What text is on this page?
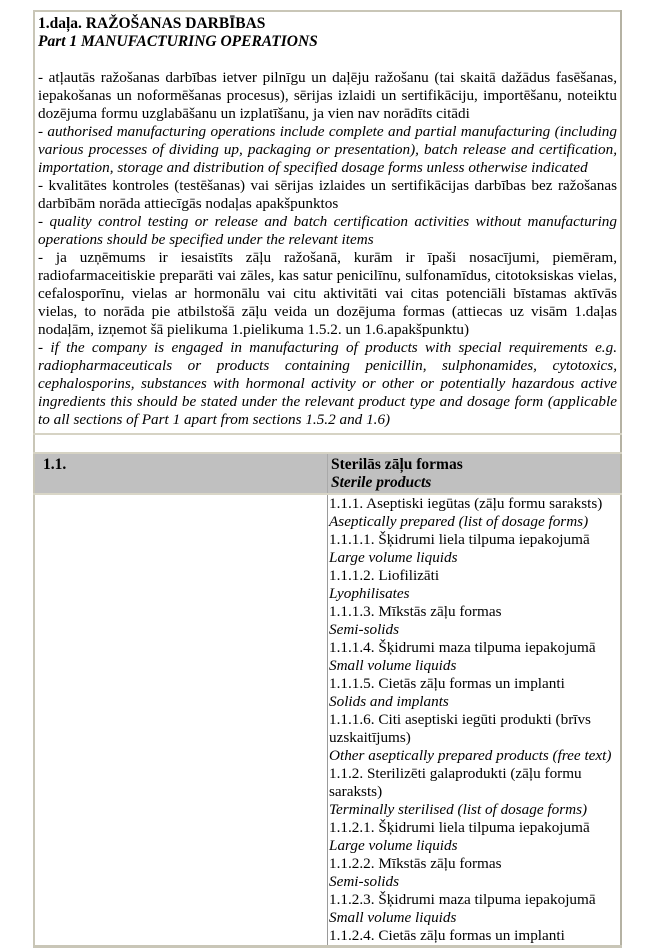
1.daļa. RAŽOŠANAS DARBĪBAS
Part 1 MANUFACTURING OPERATIONS
- atļautās ražošanas darbības ietver pilnīgu un daļēju ražošanu (tai skaitā dažādus fasēšanas, iepakošanas un noformēšanas procesus), sērijas izlaidi un sertifikāciju, importēšanu, noteiktu dozējuma formu uzglabāšanu un izplatīšanu, ja vien nav norādīts citādi
- authorised manufacturing operations include complete and partial manufacturing (including various processes of dividing up, packaging or presentation), batch release and certification, importation, storage and distribution of specified dosage forms unless otherwise indicated
- kvalitātes kontroles (testēšanas) vai sērijas izlaides un sertifikācijas darbības bez ražošanas darbībām norāda attiecīgās nodaļas apakšpunktos
- quality control testing or release and batch certification activities without manufacturing operations should be specified under the relevant items
- ja uzņēmums ir iesaistīts zāļu ražošanā, kurām ir īpaši nosacījumi, piemēram, radiofarmaceitiskie preparāti vai zāles, kas satur penicilīnu, sulfonamīdus, citotoksiskas vielas, cefalosporīnu, vielas ar hormonālu vai citu aktivitāti vai citas potenciāli bīstamas aktīvās vielas, to norāda pie atbilstošā zāļu veida un dozējuma formas (attiecas uz visām 1.daļas nodaļām, izņemot šā pielikuma 1.pielikuma 1.5.2. un 1.6.apakšpunktu)
- if the company is engaged in manufacturing of products with special requirements e.g. radiopharmaceuticals or products containing penicillin, sulphonamides, cytotoxics, cephalosporins, substances with hormonal activity or other or potentially hazardous active ingredients this should be stated under the relevant product type and dosage form (applicable to all sections of Part 1 apart from sections 1.5.2 and 1.6)

1.1.	Sterilās zāļu formas
Sterile products

1.1.1. Aseptiski iegūtas (zāļu formu saraksts)
Aseptically prepared (list of dosage forms)
1.1.1.1. Šķidrumi liela tilpuma iepakojumā
Large volume liquids
1.1.1.2. Liofilizāti
Lyophilisates
1.1.1.3. Mīkstās zāļu formas
Semi-solids
1.1.1.4. Šķidrumi maza tilpuma iepakojumā
Small volume liquids
1.1.1.5. Cietās zāļu formas un implanti
Solids and implants
1.1.1.6. Citi aseptiski iegūti produkti (brīvs uzskaitījums)
Other aseptically prepared products (free text)
1.1.2. Sterilizēti galaprodukti (zāļu formu saraksts)
Terminally sterilised (list of dosage forms)
1.1.2.1. Šķidrumi liela tilpuma iepakojumā
Large volume liquids
1.1.2.2. Mīkstās zāļu formas
Semi-solids
1.1.2.3. Šķidrumi maza tilpuma iepakojumā
Small volume liquids
1.1.2.4. Cietās zāļu formas un implanti
